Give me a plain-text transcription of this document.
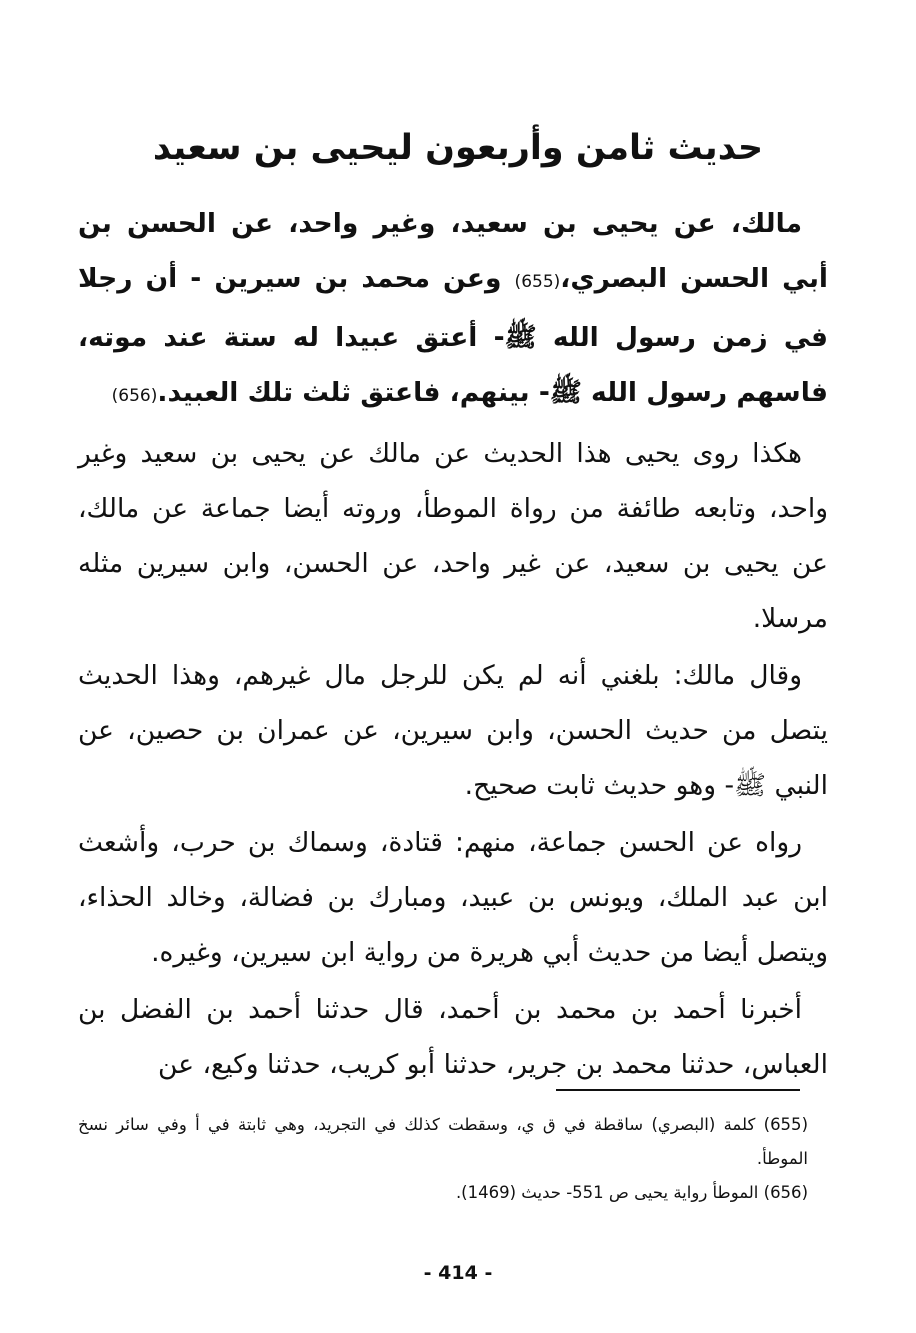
حديث ثامن وأربعون ليحيى بن سعيد

مالك، عن يحيى بن سعيد، وغير واحد، عن الحسن بن أبي الحسن البصري،(655) وعن محمد بن سيرين - أن رجلا في زمن رسول الله ﷺ- أعتق عبيدا له ستة عند موته، فاسهم رسول الله ﷺ- بينهم، فاعتق ثلث تلك العبيد.(656)

هكذا روى يحيى هذا الحديث عن مالك عن يحيى بن سعيد وغير واحد، وتابعه طائفة من رواة الموطأ، وروته أيضا جماعة عن مالك، عن يحيى بن سعيد، عن غير واحد، عن الحسن، وابن سيرين مثله مرسلا.

وقال مالك: بلغني أنه لم يكن للرجل مال غيرهم، وهذا الحديث يتصل من حديث الحسن، وابن سيرين، عن عمران بن حصين، عن النبي ﷺ- وهو حديث ثابت صحيح.

رواه عن الحسن جماعة، منهم: قتادة، وسماك بن حرب، وأشعث ابن عبد الملك، ويونس بن عبيد، ومبارك بن فضالة، وخالد الحذاء، ويتصل أيضا من حديث أبي هريرة من رواية ابن سيرين، وغيره.

أخبرنا أحمد بن محمد بن أحمد، قال حدثنا أحمد بن الفضل بن العباس، حدثنا محمد بن جرير، حدثنا أبو كريب، حدثنا وكيع، عن

(655) كلمة (البصري) ساقطة في ق ي، وسقطت كذلك في التجريد، وهي ثابتة في أ وفي سائر نسخ الموطأ.

(656) الموطأ رواية يحيى ص 551- حديث (1469).

- 414 -
